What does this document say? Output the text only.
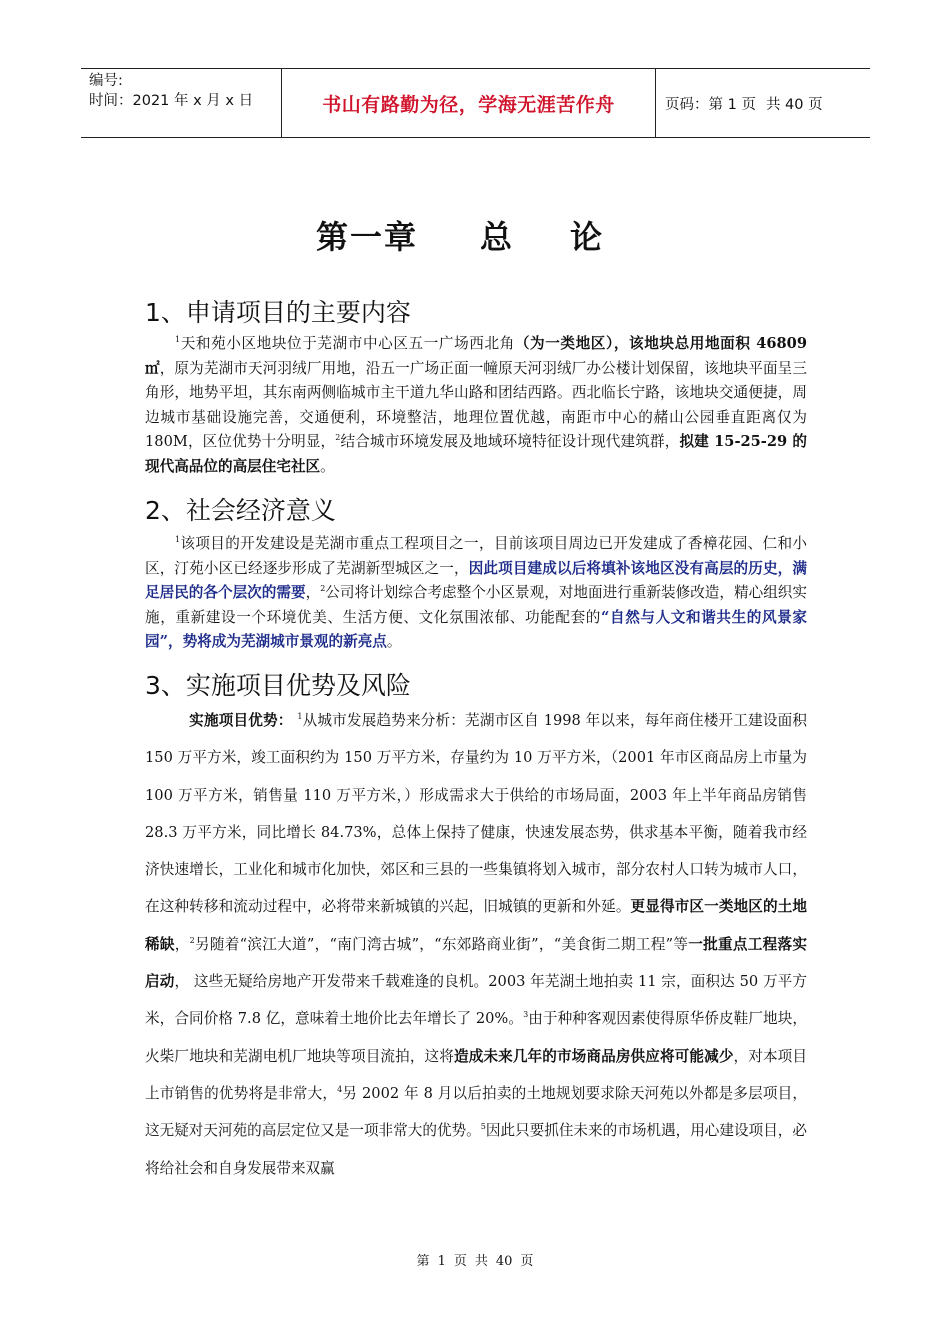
编号:
时间：2021 年 x 月 x 日	书山有路勤为径，学海无涯苦作舟	页码：第 1 页 共 40 页
第一章 总 论
1、申请项目的主要内容
$^1$天和苑小区地块位于芜湖市中心区五一广场西北角（为一类地区），该地块总用地面积 46809㎡，原为芜湖市天河羽绒厂用地，沿五一广场正面一幢原天河羽绒厂办公楼计划保留，该地块平面呈三角形，地势平坦，其东南两侧临城市主干道九华山路和团结西路。西北临长宁路，该地块交通便捷，周边城市基础设施完善，交通便利，环境整洁，地理位置优越，南距市中心的赭山公园垂直距离仅为 180M，区位优势十分明显，$^2$结合城市环境发展及地域环境特征设计现代建筑群，拟建 15-25-29 的现代高品位的高层住宅社区。
2、社会经济意义
$^1$该项目的开发建设是芜湖市重点工程项目之一，目前该项目周边已开发建成了香樟花园、仁和小区，汀苑小区已经逐步形成了芜湖新型城区之一，因此项目建成以后将填补该地区没有高层的历史，满足居民的各个层次的需要，$^2$公司将计划综合考虑整个小区景观，对地面进行重新装修改造，精心组织实施，重新建设一个环境优美、生活方便、文化氛围浓郁、功能配套的“自然与人文和谐共生的风景家园”，势将成为芜湖城市景观的新亮点。
3、实施项目优势及风险
实施项目优势： $^1$从城市发展趋势来分析：芜湖市区自 1998 年以来，每年商住楼开工建设面积 150 万平方米，竣工面积约为 150 万平方米，存量约为 10 万平方米，（2001 年市区商品房上市量为 100 万平方米，销售量 110 万平方米，）形成需求大于供给的市场局面，2003 年上半年商品房销售 28.3 万平方米，同比增长 84.73%，总体上保持了健康，快速发展态势，供求基本平衡，随着我市经济快速增长，工业化和城市化加快，郊区和三县的一些集镇将划入城市，部分农村人口转为城市人口，在这种转移和流动过程中，必将带来新城镇的兴起，旧城镇的更新和外延。更显得市区一类地区的土地稀缺，$^2$另随着“滨江大道”，“南门湾古城”，“东郊路商业街”，“美食街二期工程”等一批重点工程落实启动， 这些无疑给房地产开发带来千载难逢的良机。2003 年芜湖土地拍卖 11 宗，面积达 50 万平方米，合同价格 7.8 亿，意味着土地价比去年增长了 20%。$^3$由于种种客观因素使得原华侨皮鞋厂地块，火柴厂地块和芜湖电机厂地块等项目流拍，这将造成未来几年的市场商品房供应将可能减少，对本项目上市销售的优势将是非常大，$^4$另 2002 年 8 月以后拍卖的土地规划要求除天河苑以外都是多层项目，这无疑对天河苑的高层定位又是一项非常大的优势。$^5$因此只要抓住未来的市场机遇，用心建设项目，必将给社会和自身发展带来双赢
第 1 页 共 40 页
